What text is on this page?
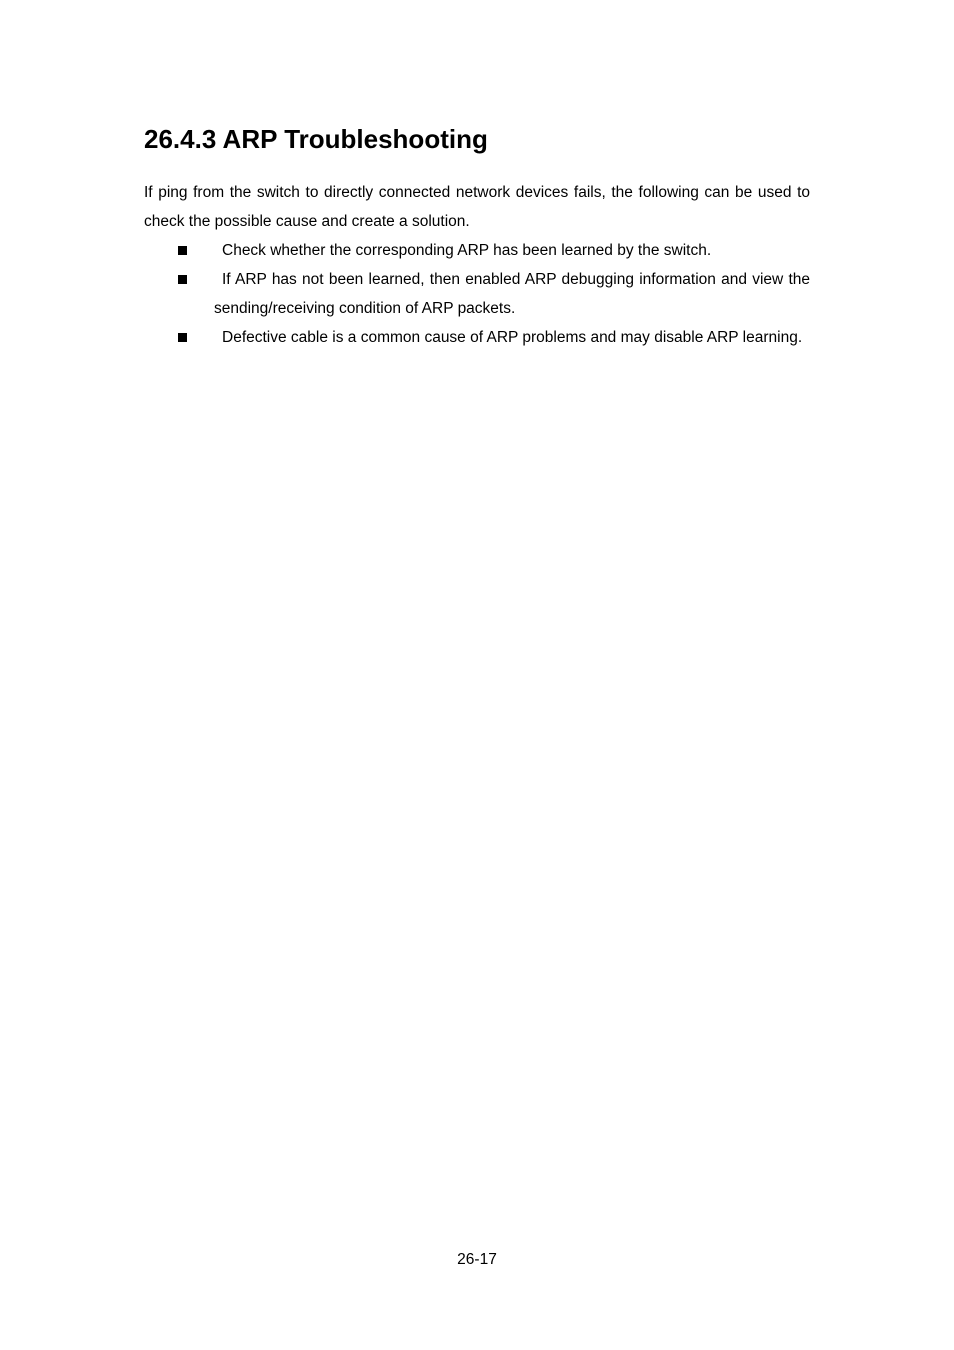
26.4.3 ARP Troubleshooting

If ping from the switch to directly connected network devices fails, the following can be used to check the possible cause and create a solution.

Check whether the corresponding ARP has been learned by the switch.
If ARP has not been learned, then enabled ARP debugging information and view the sending/receiving condition of ARP packets.
Defective cable is a common cause of ARP problems and may disable ARP learning.
26-17
